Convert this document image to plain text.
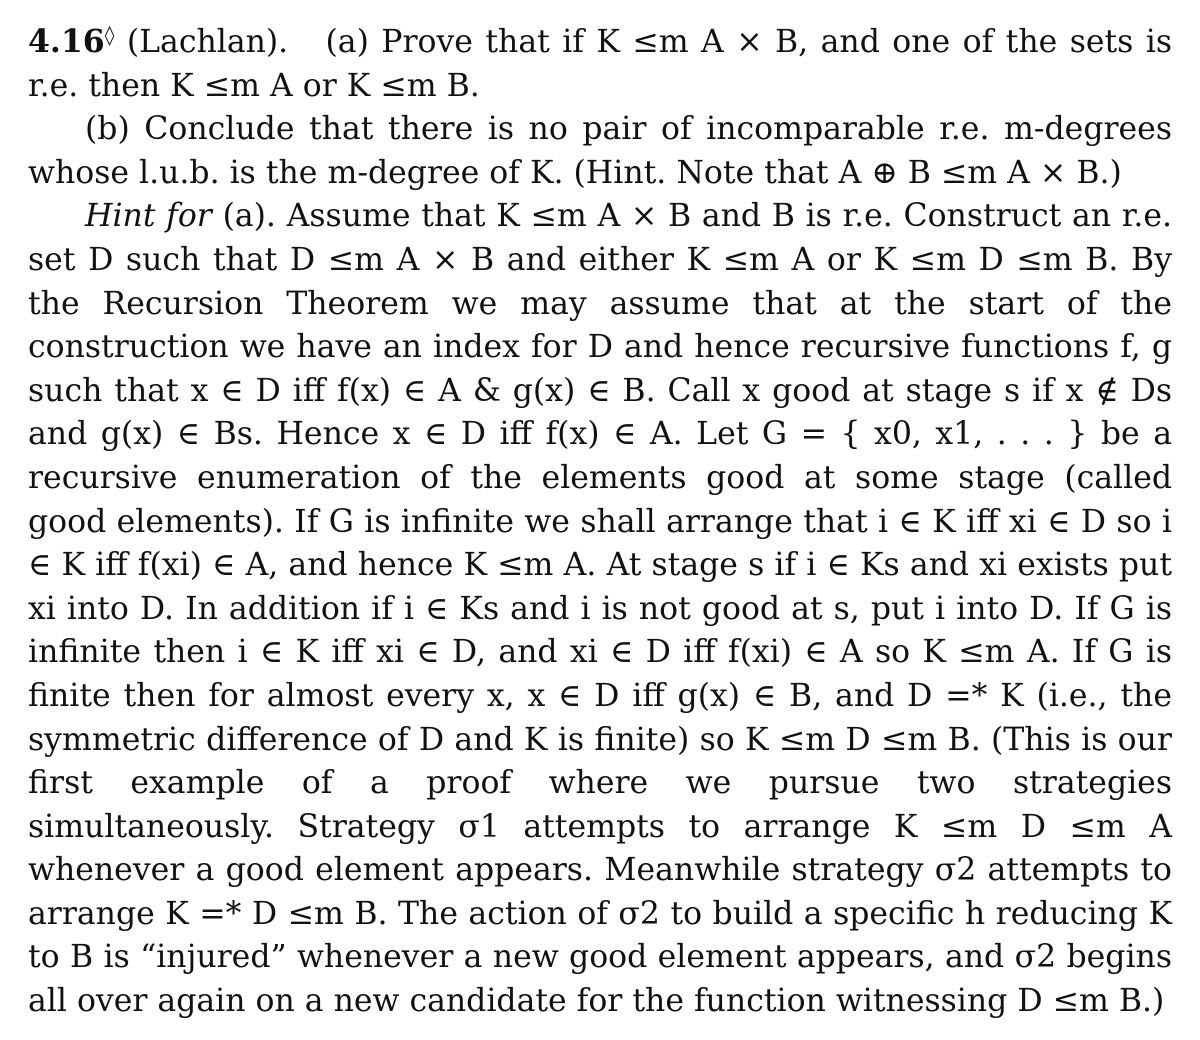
4.16◊ (Lachlan). (a) Prove that if K ≤m A × B, and one of the sets is r.e. then K ≤m A or K ≤m B.

(b) Conclude that there is no pair of incomparable r.e. m-degrees whose l.u.b. is the m-degree of K. (Hint. Note that A ⊕ B ≤m A × B.)

Hint for (a). Assume that K ≤m A × B and B is r.e. Construct an r.e. set D such that D ≤m A × B and either K ≤m A or K ≤m D ≤m B. By the Recursion Theorem we may assume that at the start of the construction we have an index for D and hence recursive functions f, g such that x ∈ D iff f(x) ∈ A & g(x) ∈ B. Call x good at stage s if x ∉ Ds and g(x) ∈ Bs. Hence x ∈ D iff f(x) ∈ A. Let G = { x0, x1, . . . } be a recursive enumeration of the elements good at some stage (called good elements). If G is infinite we shall arrange that i ∈ K iff xi ∈ D so i ∈ K iff f(xi) ∈ A, and hence K ≤m A. At stage s if i ∈ Ks and xi exists put xi into D. In addition if i ∈ Ks and i is not good at s, put i into D. If G is infinite then i ∈ K iff xi ∈ D, and xi ∈ D iff f(xi) ∈ A so K ≤m A. If G is finite then for almost every x, x ∈ D iff g(x) ∈ B, and D =* K (i.e., the symmetric difference of D and K is finite) so K ≤m D ≤m B. (This is our first example of a proof where we pursue two strategies simultaneously. Strategy σ1 attempts to arrange K ≤m D ≤m A whenever a good element appears. Meanwhile strategy σ2 attempts to arrange K =* D ≤m B. The action of σ2 to build a specific h reducing K to B is “injured” whenever a new good element appears, and σ2 begins all over again on a new candidate for the function witnessing D ≤m B.)
